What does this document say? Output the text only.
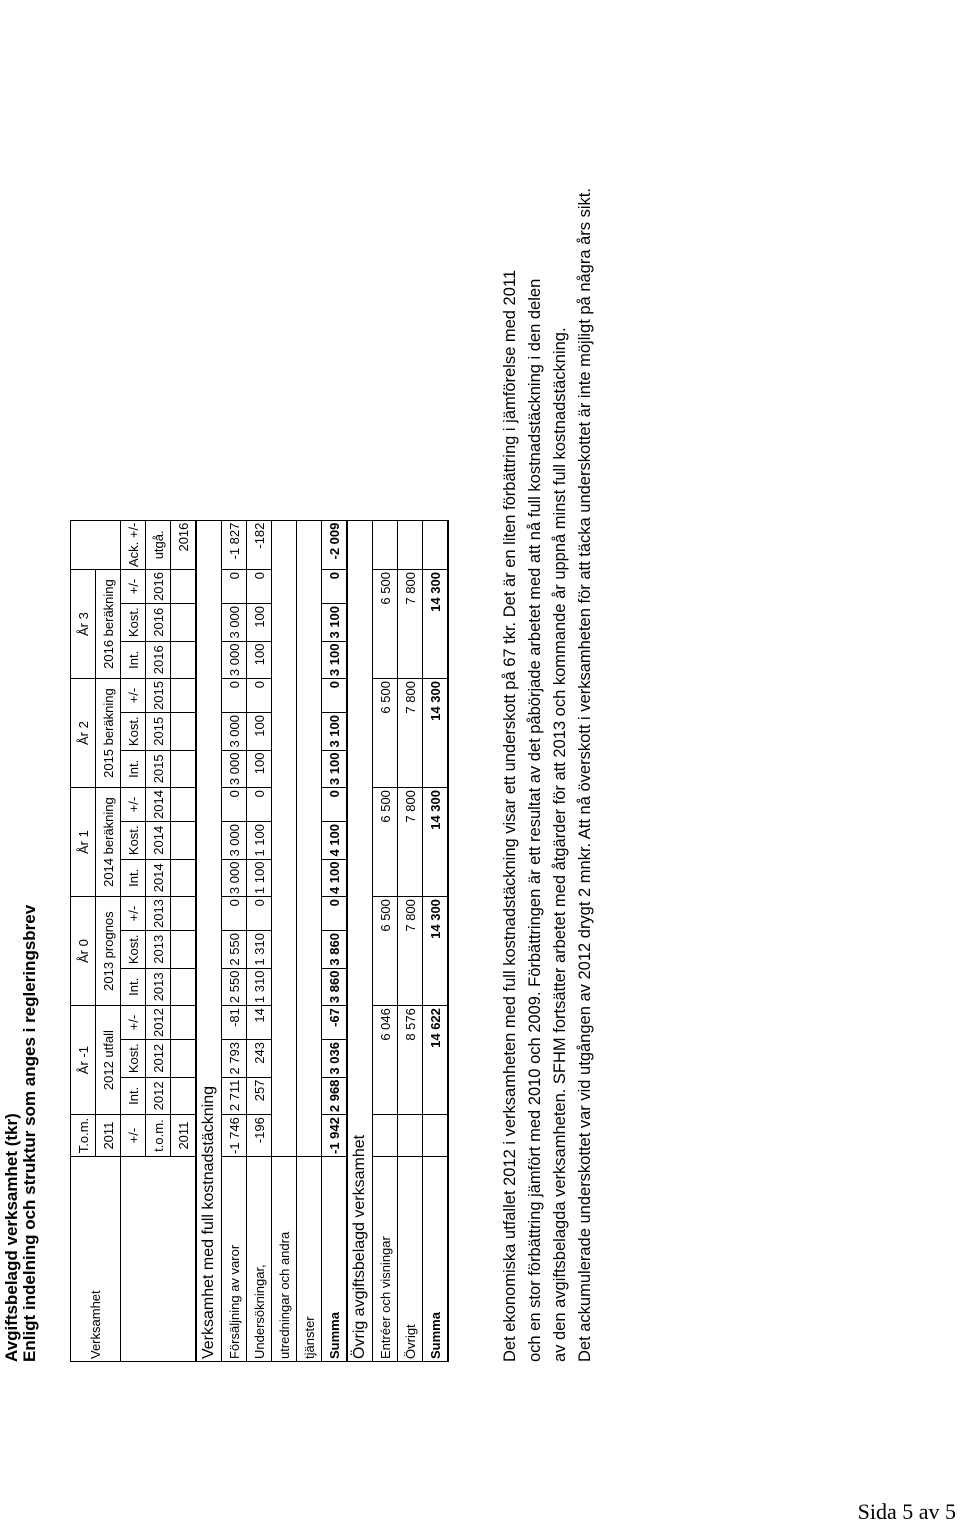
Avgiftsbelagd verksamhet (tkr) Enligt indelning och struktur som anges i regleringsbrev	Verksamhet	T.o.m.	År -1			År 0			År 1			År 2			År 3			
	2011	2012 utfall			2013 prognos			2014 beräkning			2015 beräkning			2016 beräkning			
	+/-	Int.	Kost.	+/-	Int.	Kost.	+/-	Int.	Kost.	+/-	Int.	Kost.	+/-	Int.	Kost.	+/-	Ack. +/-
	t.o.m.	2012	2012	2012	2013	2013	2013	2014	2014	2014	2015	2015	2015	2016	2016	2016	utgå.
	2011																2016
Verksamhet med full kostnadstäckning																	
Försäljning av varor	-1 746	2 711	2 793	-81	2 550	2 550	0	3 000	3 000	0	3 000	3 000	0	3 000	3 000	0	-1 827
Undersökningar,	-196	257	243	14	1 310	1 310	0	1 100	1 100	0	100	100	0	100	100	0	-182
utredningar och andra																	
tjänster																	
Summa	-1 942	2 968	3 036	-67	3 860	3 860	0	4 100	4 100	0	3 100	3 100	0	3 100	3 100	0	-2 009
Övrig avgiftsbelagd verksamhet																	
Entréer och visningar		6 046			6 500			6 500			6 500			6 500			
Övrigt		8 576			7 800			7 800			7 800			7 800			
Summa		14 622			14 300			14 300			14 300			14 300				Det ekonomiska utfallet 2012 i verksamheten med full kostnadstäckning visar ett underskott på 67 tkr. Det är en liten förbättring i jämförelse med 2011 och en stor förbättring jämfört med 2010 och 2009. Förbättringen är ett resultat av det påbörjade arbetet med att nå full kostnadstäckning i den delen av den avgiftsbelagda verksamheten. SFHM fortsätter arbetet med åtgärder för att 2013 och kommande år uppnå minst full kostnadstäckning. Det ackumulerade underskottet var vid utgången av 2012 drygt 2 mnkr. Att nå överskott i verksamheten för att täcka underskottet är inte möjligt på några års sikt.
Sida 5 av 5
